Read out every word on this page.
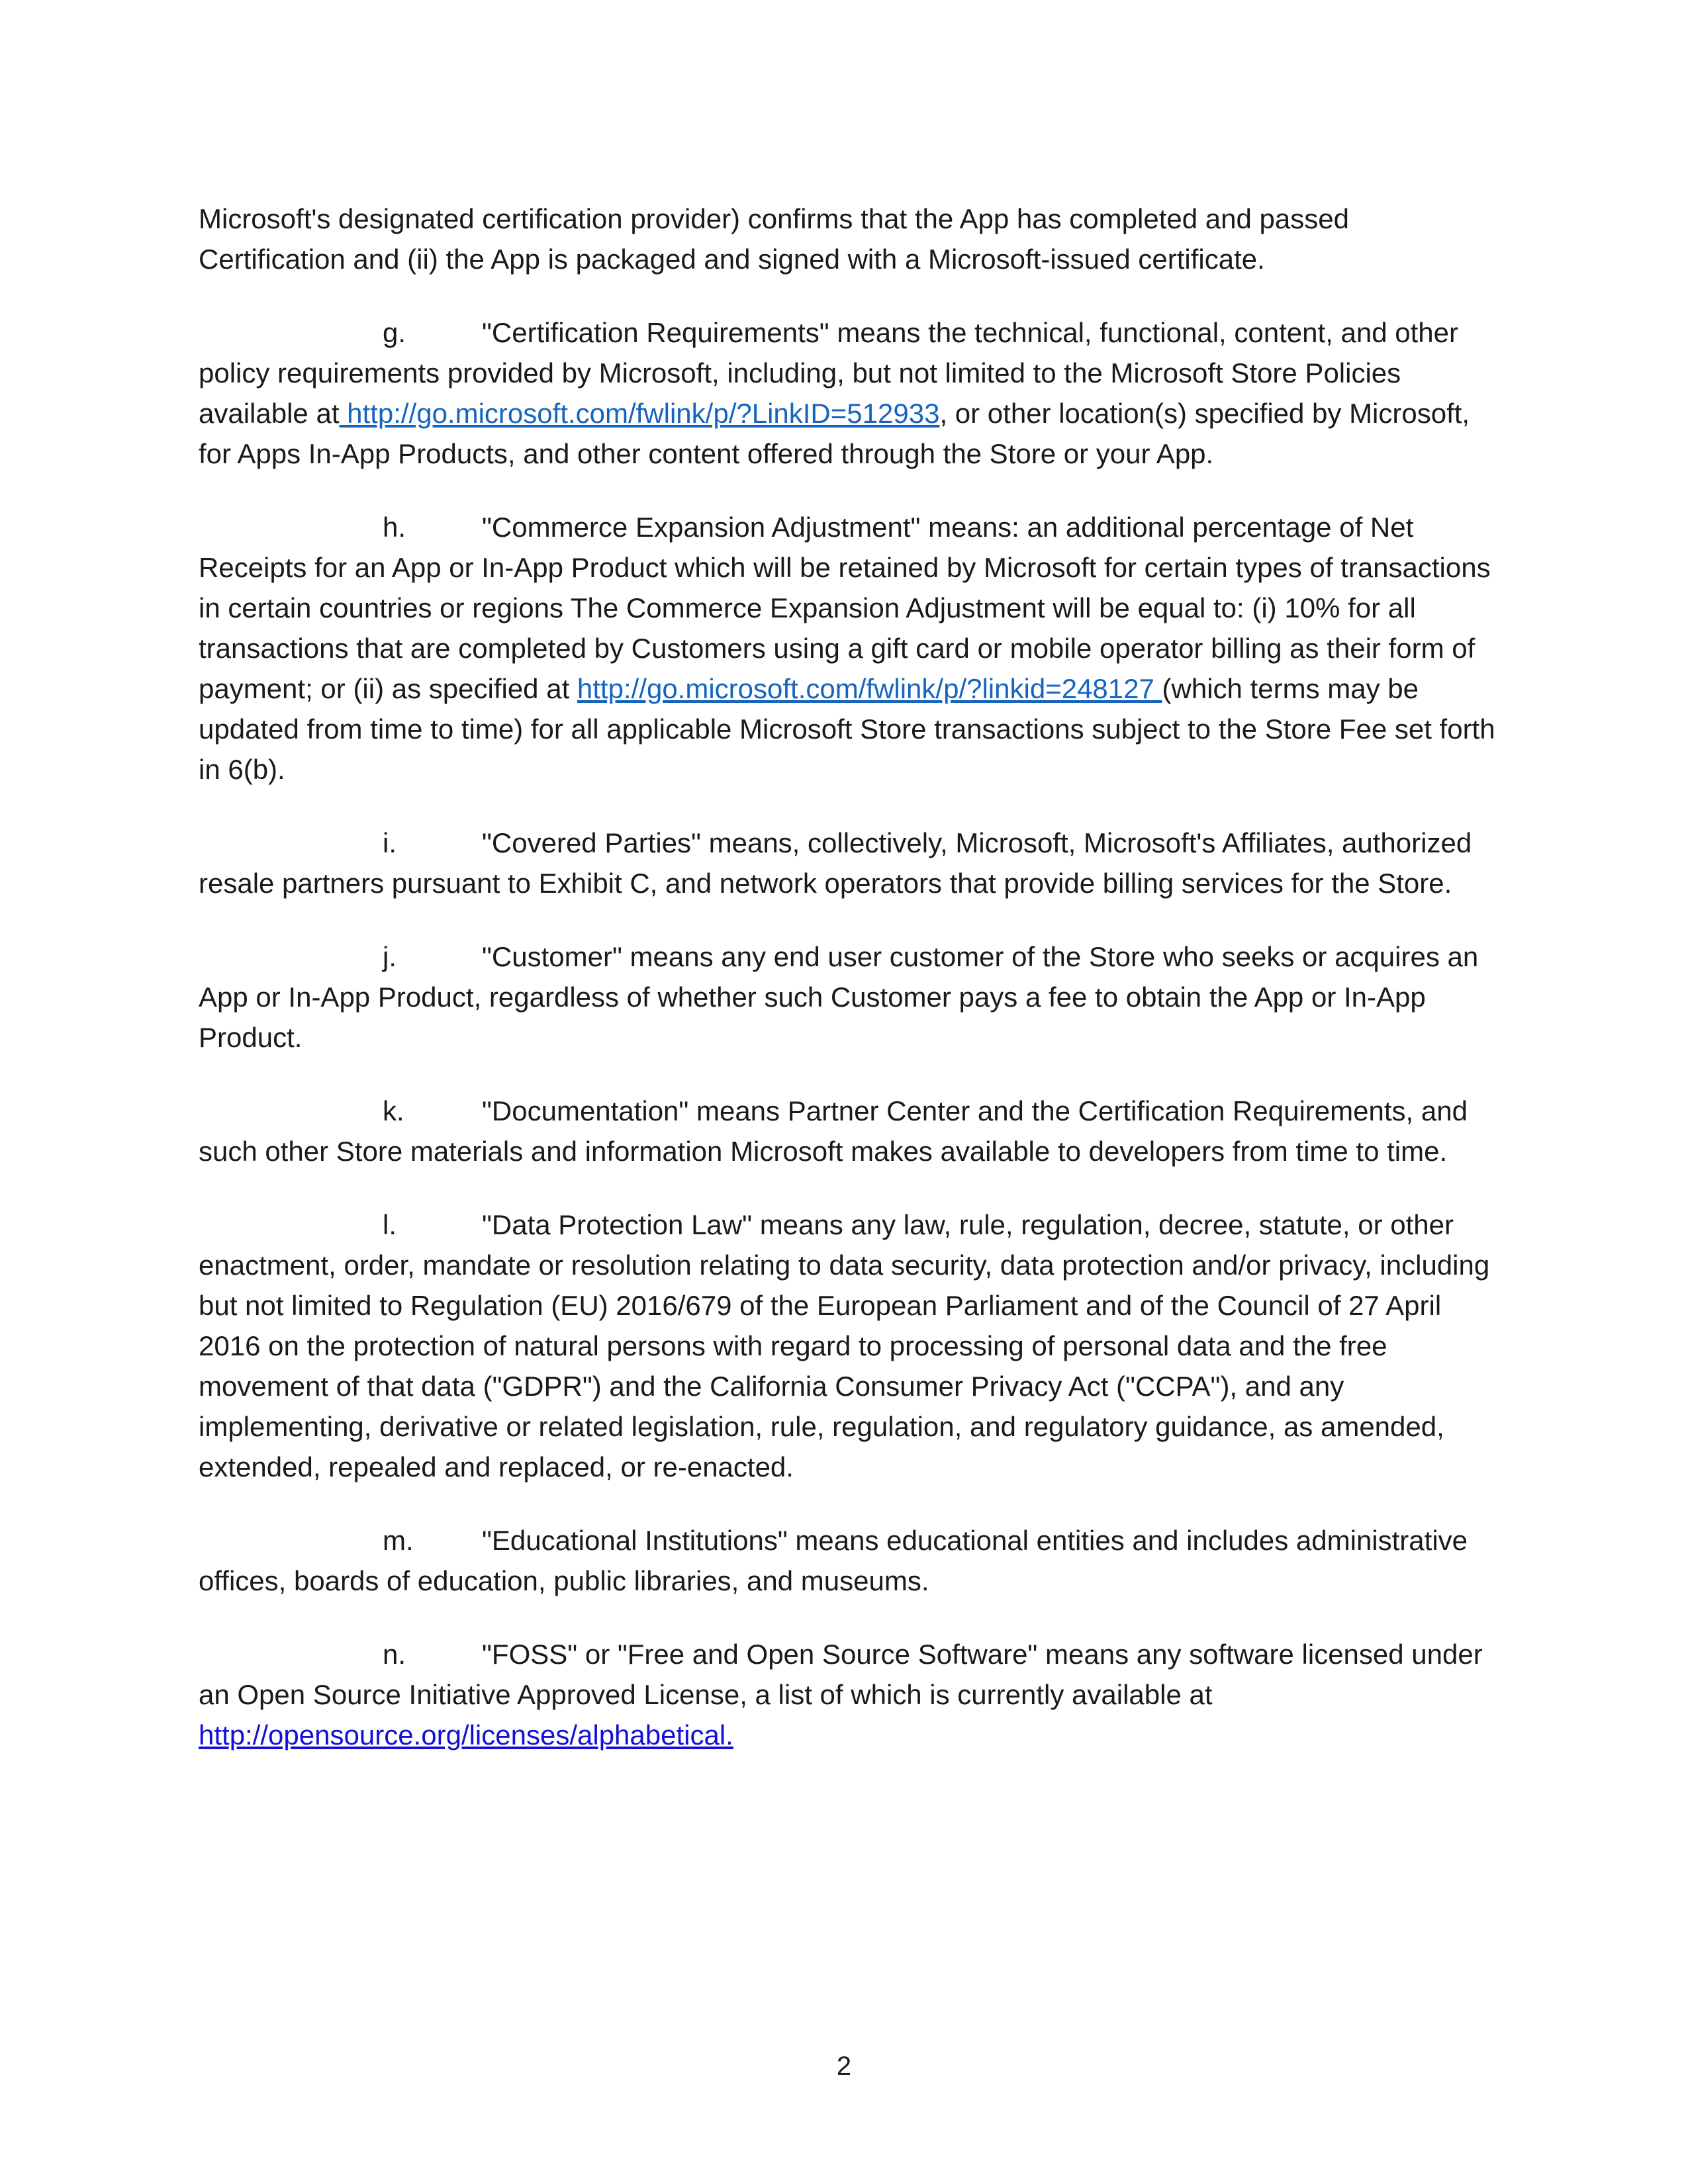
Microsoft's designated certification provider) confirms that the App has completed and passed Certification and (ii) the App is packaged and signed with a Microsoft-issued certificate.

g.	"Certification Requirements" means the technical, functional, content, and other policy requirements provided by Microsoft, including, but not limited to the Microsoft Store Policies available at http://go.microsoft.com/fwlink/p/?LinkID=512933, or other location(s) specified by Microsoft, for Apps In-App Products, and other content offered through the Store or your App.

h.	"Commerce Expansion Adjustment" means: an additional percentage of Net Receipts for an App or In-App Product which will be retained by Microsoft for certain types of transactions in certain countries or regions The Commerce Expansion Adjustment will be equal to: (i) 10% for all transactions that are completed by Customers using a gift card or mobile operator billing as their form of payment; or (ii) as specified at http://go.microsoft.com/fwlink/p/?linkid=248127 (which terms may be updated from time to time) for all applicable Microsoft Store transactions subject to the Store Fee set forth in 6(b).

i.	"Covered Parties" means, collectively, Microsoft, Microsoft's Affiliates, authorized resale partners pursuant to Exhibit C, and network operators that provide billing services for the Store.

j.	"Customer" means any end user customer of the Store who seeks or acquires an App or In-App Product, regardless of whether such Customer pays a fee to obtain the App or In-App Product.

k.	"Documentation" means Partner Center and the Certification Requirements, and such other Store materials and information Microsoft makes available to developers from time to time.

l.	"Data Protection Law" means any law, rule, regulation, decree, statute, or other enactment, order, mandate or resolution relating to data security, data protection and/or privacy, including but not limited to Regulation (EU) 2016/679 of the European Parliament and of the Council of 27 April 2016 on the protection of natural persons with regard to processing of personal data and the free movement of that data ("GDPR") and the California Consumer Privacy Act ("CCPA"), and any implementing, derivative or related legislation, rule, regulation, and regulatory guidance, as amended, extended, repealed and replaced, or re-enacted.

m. "Educational Institutions" means educational entities and includes administrative offices, boards of education, public libraries, and museums.

n.	"FOSS" or "Free and Open Source Software" means any software licensed under an Open Source Initiative Approved License, a list of which is currently available at http://opensource.org/licenses/alphabetical.

2
